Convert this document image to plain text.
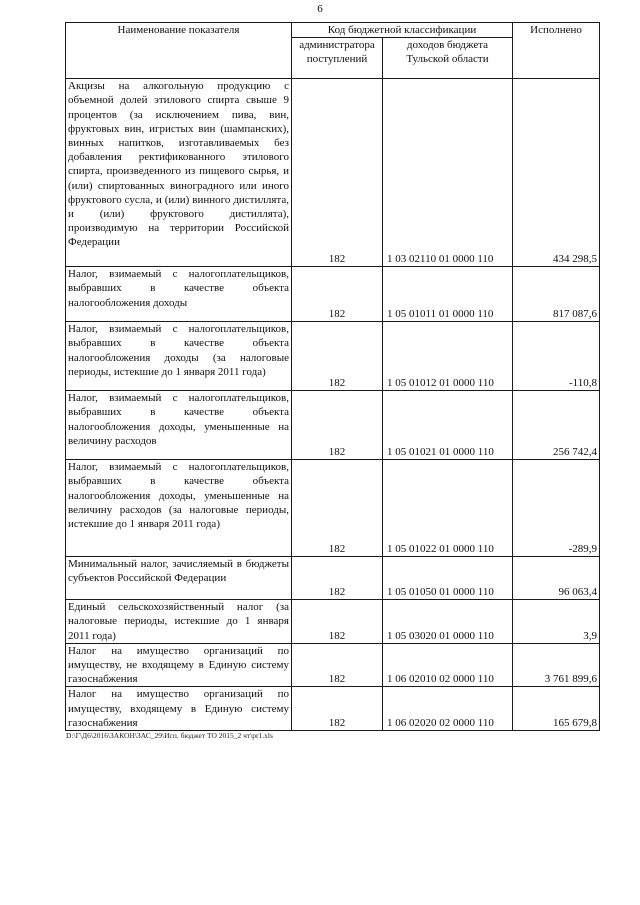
6
Наименование показателя	Код бюджетной классификации		Исполнено
	администратора поступлений	доходов бюджета Тульской области	
Акцизы на алкогольную продукцию с объемной долей этилового спирта свыше 9 процентов (за исключением пива, вин, фруктовых вин, игристых вин (шампанских), винных напитков, изготавливаемых без добавления ректификованного этилового спирта, произведенного из пищевого сырья, и (или) спиртованных виноградного или иного фруктового сусла, и (или) винного дистиллята, и (или) фруктового дистиллята), производимую на территории Российской Федерации	182	1 03 02110 01 0000 110	434 298,5
Налог, взимаемый с налогоплательщиков, выбравших в качестве объекта налогообложения доходы	182	1 05 01011 01 0000 110	817 087,6
Налог, взимаемый с налогоплательщиков, выбравших в качестве объекта налогообложения доходы (за налоговые периоды, истекшие до 1 января 2011 года)	182	1 05 01012 01 0000 110	-110,8
Налог, взимаемый с налогоплательщиков, выбравших в качестве объекта налогообложения доходы, уменьшенные на величину расходов	182	1 05 01021 01 0000 110	256 742,4
Налог, взимаемый с налогоплательщиков, выбравших в качестве объекта налогообложения доходы, уменьшенные на величину расходов (за налоговые периоды, истекшие до 1 января 2011 года)	182	1 05 01022 01 0000 110	-289,9
Минимальный налог, зачисляемый в бюджеты субъектов Российской Федерации	182	1 05 01050 01 0000 110	96 063,4
Единый сельскохозяйственный налог (за налоговые периоды, истекшие до 1 января 2011 года)	182	1 05 03020 01 0000 110	3,9
Налог на имущество организаций по имуществу, не входящему в Единую систему газоснабжения	182	1 06 02010 02 0000 110	3 761 899,6
Налог на имущество организаций по имуществу, входящему в Единую систему газоснабжения	182	1 06 02020 02 0000 110	165 679,8
D:\Г\Д6\2016\ЗАКОН\ЗАС_29\Исп. бюджет ТО 2015_2 чт\pr1.xls
